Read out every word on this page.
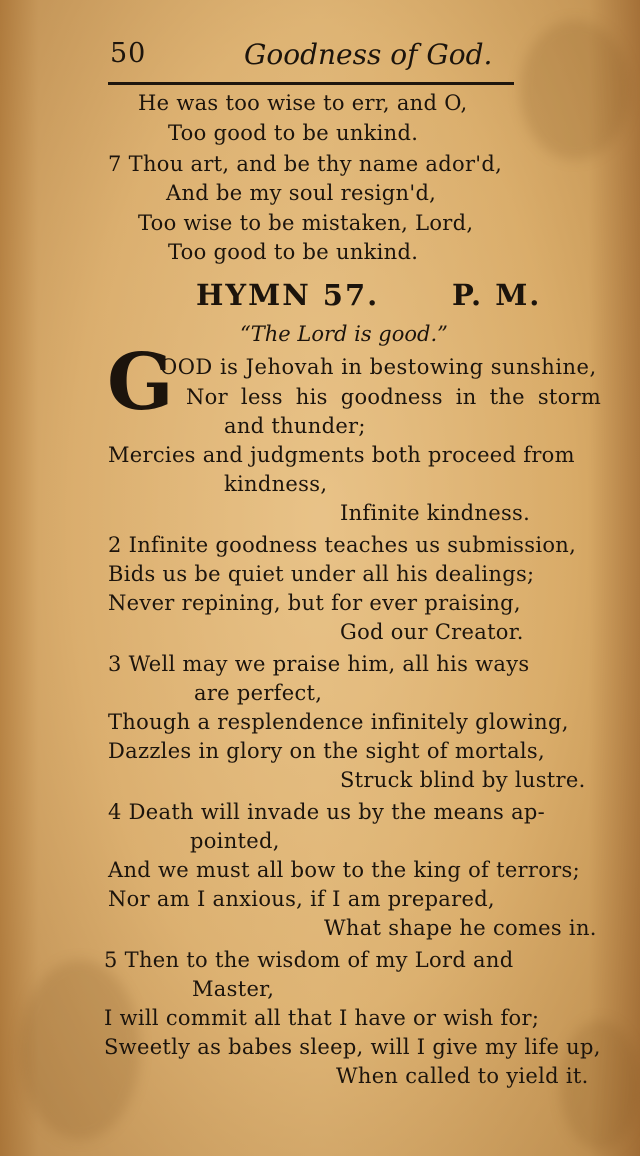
50	Goodness of God.
He was too wise to err, and O,
Too good to be unkind.
7 Thou art, and be thy name ador'd,
And be my soul resign'd,
Too wise to be mistaken, Lord,
Too good to be unkind.
HYMN 57.	P. M.
“The Lord is good.”
G
OOD is Jehovah in bestowing sunshine,
Nor less his goodness in the storm
and thunder;
Mercies and judgments both proceed from
kindness,
Infinite kindness.
2 Infinite goodness teaches us submission,
Bids us be quiet under all his dealings;
Never repining, but for ever praising,
God our Creator.
3 Well may we praise him, all his ways
are perfect,
Though a resplendence infinitely glowing,
Dazzles in glory on the sight of mortals,
Struck blind by lustre.
4 Death will invade us by the means ap-
pointed,
And we must all bow to the king of terrors;
Nor am I anxious, if I am prepared,
What shape he comes in.
5 Then to the wisdom of my Lord and
Master,
I will commit all that I have or wish for;
Sweetly as babes sleep, will I give my life up,
When called to yield it.
